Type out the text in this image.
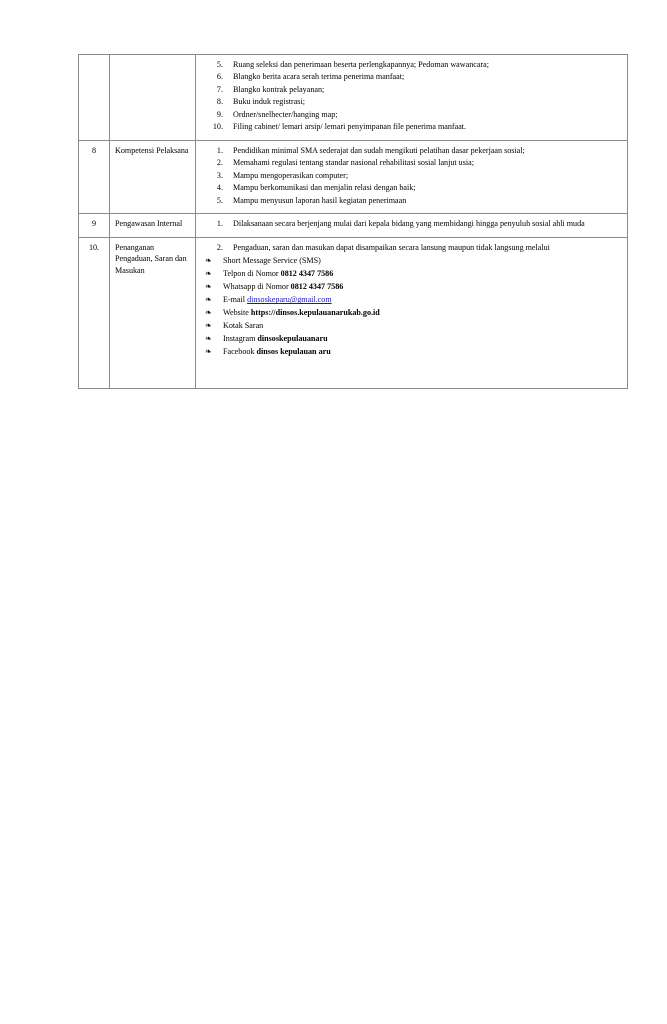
5. Ruang seleksi dan penerimaan beserta perlengkapannya; Pedoman wawancara;
6. Blangko berita acara serah terima penerima manfaat;
7. Blangko kontrak pelayanan;
8. Buku induk registrasi;
9. Ordner/snelhecter/hanging map;
10. Filing cabinet/ lemari arsip/ lemari penyimpanan file penerima manfaat.

8	Kompetensi Pelaksana	1. Pendidikan minimal SMA sederajat dan sudah mengikuti pelatihan dasar pekerjaan sosial;
2. Memahami regulasi tentang standar nasional rehabilitasi sosial lanjut usia;
3. Mampu mengoperasikan computer;
4. Mampu berkomunikasi dan menjalin relasi dengan baik;
5. Mampu menyusun laporan hasil kegiatan penerimaan

9	Pengawasan Internal	1. Dilaksanaan secara berjenjang mulai dari kepala bidang yang membidangi hingga penyuluh sosial ahli muda

10.	Penanganan Pengaduan, Saran dan Masukan	
2. Pengaduan, saran dan masukan dapat disampaikan secara lansung maupun tidak langsung melalui
❧ Short Message Service (SMS)
❧ Telpon di Nomor 0812 4347 7586
❧ Whatsapp di Nomor 0812 4347 7586
❧ E-mail dinsoskeparu@gmail.com
❧ Website https://dinsos.kepulauanarukab.go.id
❧ Kotak Saran
❧ Instagram dinsoskepulauanaru
❧ Facebook dinsos kepulauan aru
